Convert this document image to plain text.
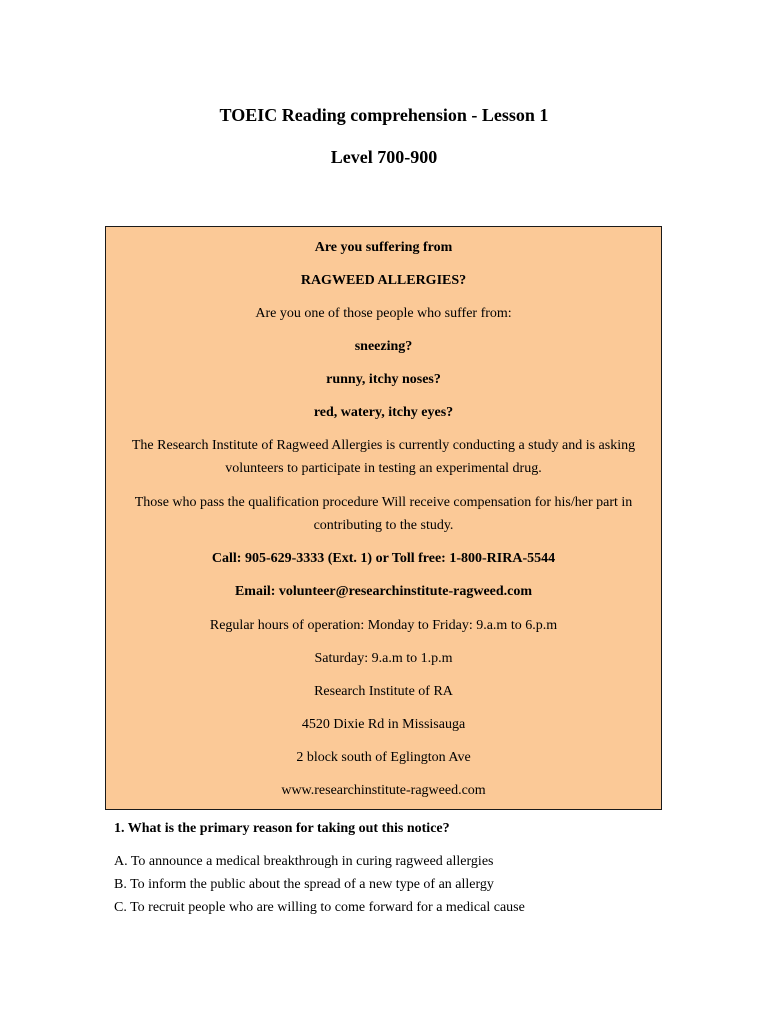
TOEIC Reading comprehension - Lesson 1
Level 700-900
Are you suffering from
RAGWEED ALLERGIES?
Are you one of those people who suffer from:
sneezing?
runny, itchy noses?
red, watery, itchy eyes?
The Research Institute of Ragweed Allergies is currently conducting a study and is asking
volunteers to participate in testing an experimental drug.
Those who pass the qualification procedure Will receive compensation for his/her part in
contributing to the study.
Call: 905-629-3333 (Ext. 1) or Toll free: 1-800-RIRA-5544
Email: volunteer@researchinstitute-ragweed.com
Regular hours of operation: Monday to Friday: 9.a.m to 6.p.m
Saturday: 9.a.m to 1.p.m
Research Institute of RA
4520 Dixie Rd in Missisauga
2 block south of Eglington Ave
www.researchinstitute-ragweed.com
1. What is the primary reason for taking out this notice?
A. To announce a medical breakthrough in curing ragweed allergies
B. To inform the public about the spread of a new type of an allergy
C. To recruit people who are willing to come forward for a medical cause
